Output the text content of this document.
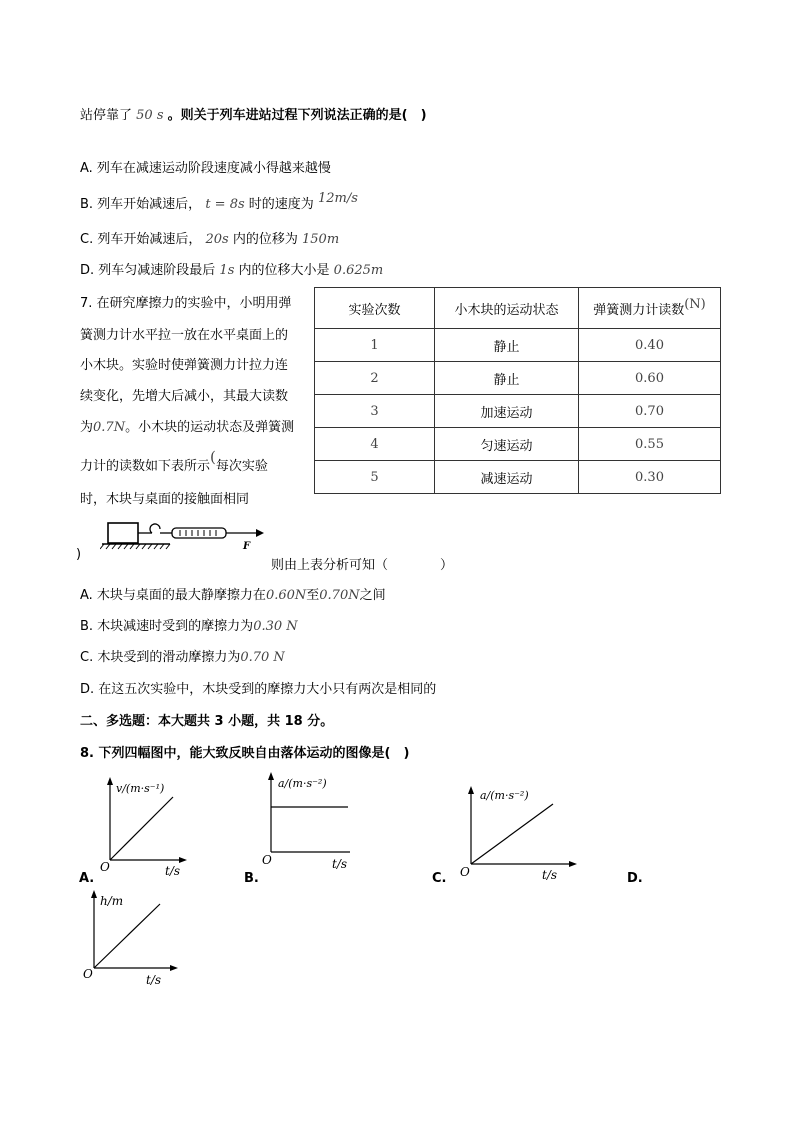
站停靠了 50 s 。则关于列车进站过程下列说法正确的是(　)
A. 列车在减速运动阶段速度减小得越来越慢
B. 列车开始减速后， t = 8s 时的速度为 12m/s
C. 列车开始减速后， 20s 内的位移为 150m
D. 列车匀减速阶段最后 1s 内的位移大小是 0.625m
7. 在研究摩擦力的实验中，小明用弹
簧测力计水平拉一放在水平桌面上的
小木块。实验时使弹簧测力计拉力连
续变化，先增大后减小，其最大读数
为0.7N。小木块的运动状态及弹簧测
力计的读数如下表所示(每次实验
时，木块与桌面的接触面相同
)
F
实验次数	小木块的运动状态	弹簧测力计读数(N)
1	静止	0.40
2	静止	0.60
3	加速运动	0.70
4	匀速运动	0.55
5	减速运动	0.30
则由上表分析可知（　　　　）
A. 木块与桌面的最大静摩擦力在0.60N至0.70N之间
B. 木块减速时受到的摩擦力为0.30 N
C. 木块受到的滑动摩擦力为0.70 N
D. 在这五次实验中，木块受到的摩擦力大小只有两次是相同的
二、多选题：本大题共 3 小题，共 18 分。
8. 下列四幅图中，能大致反映自由落体运动的图像是(　)
v/(m·s⁻¹)
t/s
O
A.
a/(m·s⁻²)
t/s
O
B.
a/(m·s⁻²)
t/s
O
C.	D.
h/m
t/s
O
